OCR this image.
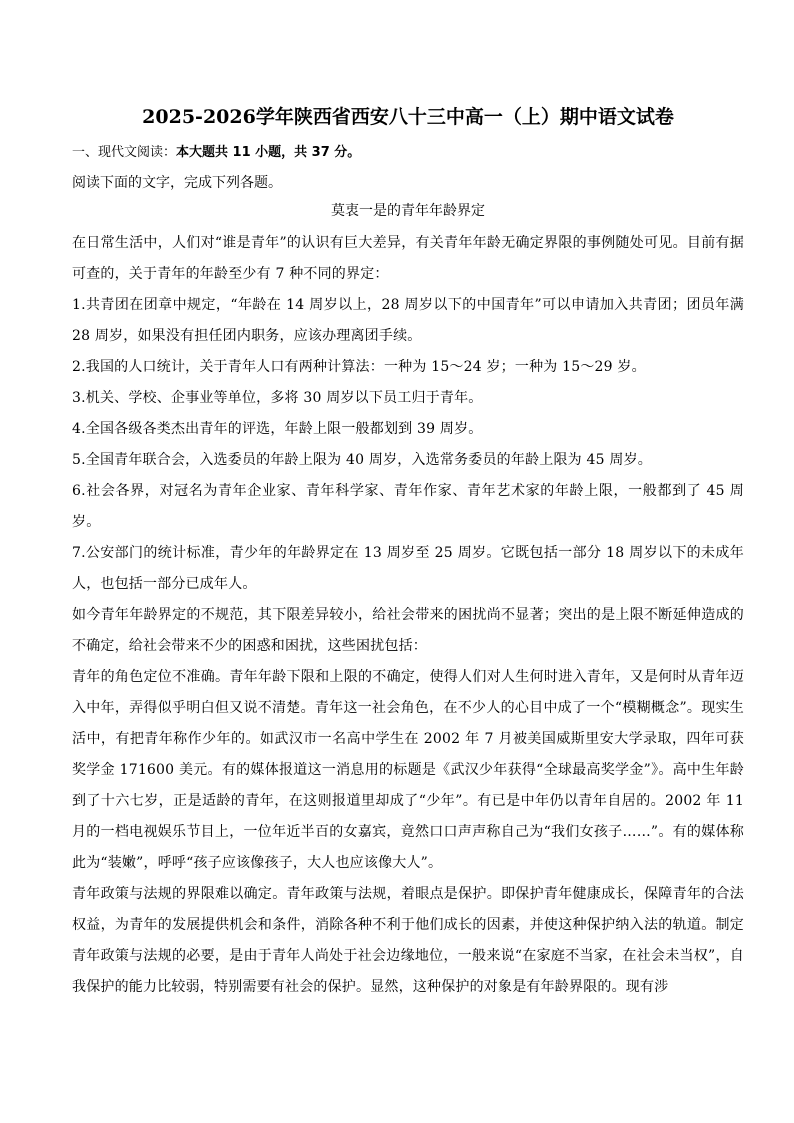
2025-2026学年陕西省西安八十三中高一（上）期中语文试卷
一、现代文阅读：本大题共 11 小题，共 37 分。
阅读下面的文字，完成下列各题。
莫衷一是的青年年龄界定

在日常生活中，人们对“谁是青年”的认识有巨大差异，有关青年年龄无确定界限的事例随处可见。目前有据可查的，关于青年的年龄至少有 7 种不同的界定：

1.共青团在团章中规定，“年龄在 14 周岁以上，28 周岁以下的中国青年”可以申请加入共青团；团员年满 28 周岁，如果没有担任团内职务，应该办理离团手续。

2.我国的人口统计，关于青年人口有两种计算法：一种为 15～24 岁；一种为 15～29 岁。

3.机关、学校、企事业等单位，多将 30 周岁以下员工归于青年。

4.全国各级各类杰出青年的评选，年龄上限一般都划到 39 周岁。

5.全国青年联合会，入选委员的年龄上限为 40 周岁，入选常务委员的年龄上限为 45 周岁。

6.社会各界，对冠名为青年企业家、青年科学家、青年作家、青年艺术家的年龄上限，一般都到了 45 周岁。

7.公安部门的统计标准，青少年的年龄界定在 13 周岁至 25 周岁。它既包括一部分 18 周岁以下的未成年人，也包括一部分已成年人。

如今青年年龄界定的不规范，其下限差异较小，给社会带来的困扰尚不显著；突出的是上限不断延伸造成的不确定，给社会带来不少的困惑和困扰，这些困扰包括：

青年的角色定位不准确。青年年龄下限和上限的不确定，使得人们对人生何时进入青年，又是何时从青年迈入中年，弄得似乎明白但又说不清楚。青年这一社会角色，在不少人的心目中成了一个“模糊概念”。现实生活中，有把青年称作少年的。如武汉市一名高中学生在 2002 年 7 月被美国威斯里安大学录取，四年可获奖学金 171600 美元。有的媒体报道这一消息用的标题是《武汉少年获得“全球最高奖学金”》。高中生年龄到了十六七岁，正是适龄的青年，在这则报道里却成了“少年”。有已是中年仍以青年自居的。2002 年 11 月的一档电视娱乐节目上，一位年近半百的女嘉宾，竟然口口声声称自己为“我们女孩子……”。有的媒体称此为“装嫩”，呼呼“孩子应该像孩子，大人也应该像大人”。

青年政策与法规的界限难以确定。青年政策与法规，着眼点是保护。即保护青年健康成长，保障青年的合法权益，为青年的发展提供机会和条件，消除各种不利于他们成长的因素，并使这种保护纳入法的轨道。制定青年政策与法规的必要，是由于青年人尚处于社会边缘地位，一般来说“在家庭不当家，在社会未当权”，自我保护的能力比较弱，特别需要有社会的保护。显然，这种保护的对象是有年龄界限的。现有涉
